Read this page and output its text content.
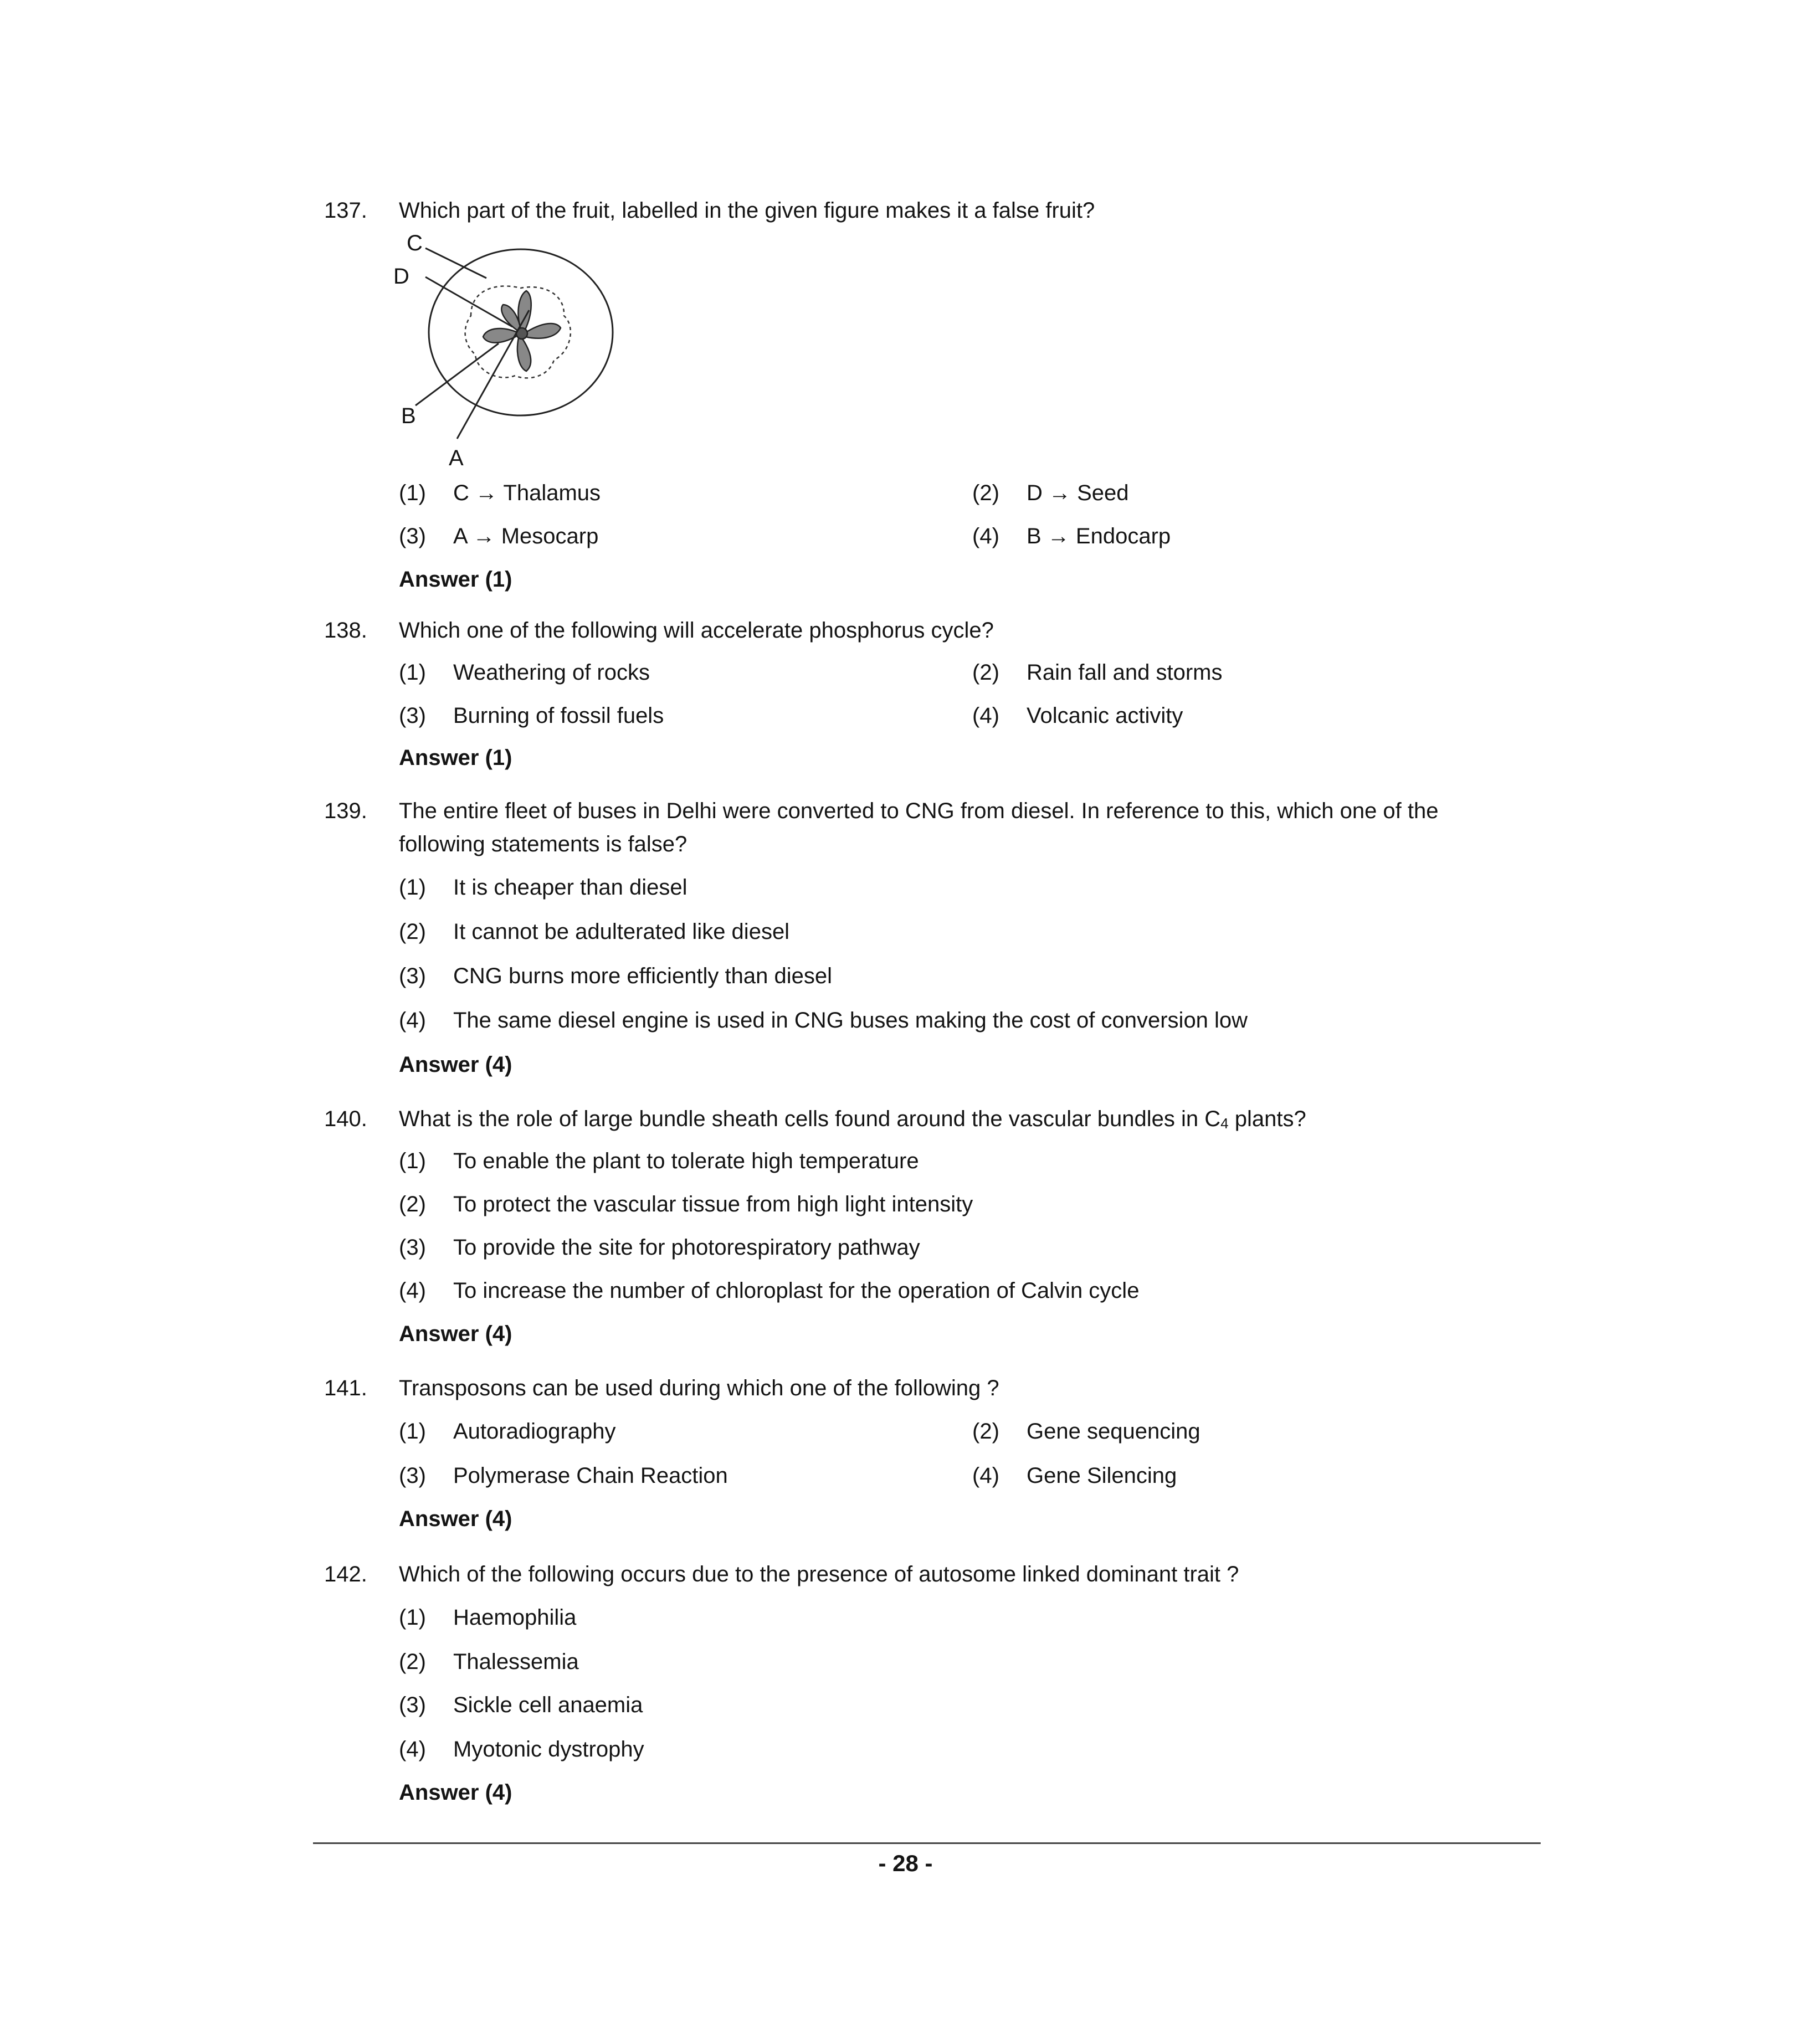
137. Which part of the fruit, labelled in the given figure makes it a false fruit?
C
D
B
A
(1) C → Thalamus	(2) D → Seed
(3) A → Mesocarp	(4) B → Endocarp
Answer (1)
138. Which one of the following will accelerate phosphorus cycle?
(1) Weathering of rocks	(2) Rain fall and storms
(3) Burning of fossil fuels	(4) Volcanic activity
Answer (1)
139. The entire fleet of buses in Delhi were converted to CNG from diesel. In reference to this, which one of the
following statements is false?
(1) It is cheaper than diesel
(2) It cannot be adulterated like diesel
(3) CNG burns more efficiently than diesel
(4) The same diesel engine is used in CNG buses making the cost of conversion low
Answer (4)
140. What is the role of large bundle sheath cells found around the vascular bundles in $C_4$ plants?
(1) To enable the plant to tolerate high temperature
(2) To protect the vascular tissue from high light intensity
(3) To provide the site for photorespiratory pathway
(4) To increase the number of chloroplast for the operation of Calvin cycle
Answer (4)
141. Transposons can be used during which one of the following ?
(1) Autoradiography	(2) Gene sequencing
(3) Polymerase Chain Reaction	(4) Gene Silencing
Answer (4)
142. Which of the following occurs due to the presence of autosome linked dominant trait ?
(1) Haemophilia
(2) Thalessemia
(3) Sickle cell anaemia
(4) Myotonic dystrophy
Answer (4)
- 28 -
